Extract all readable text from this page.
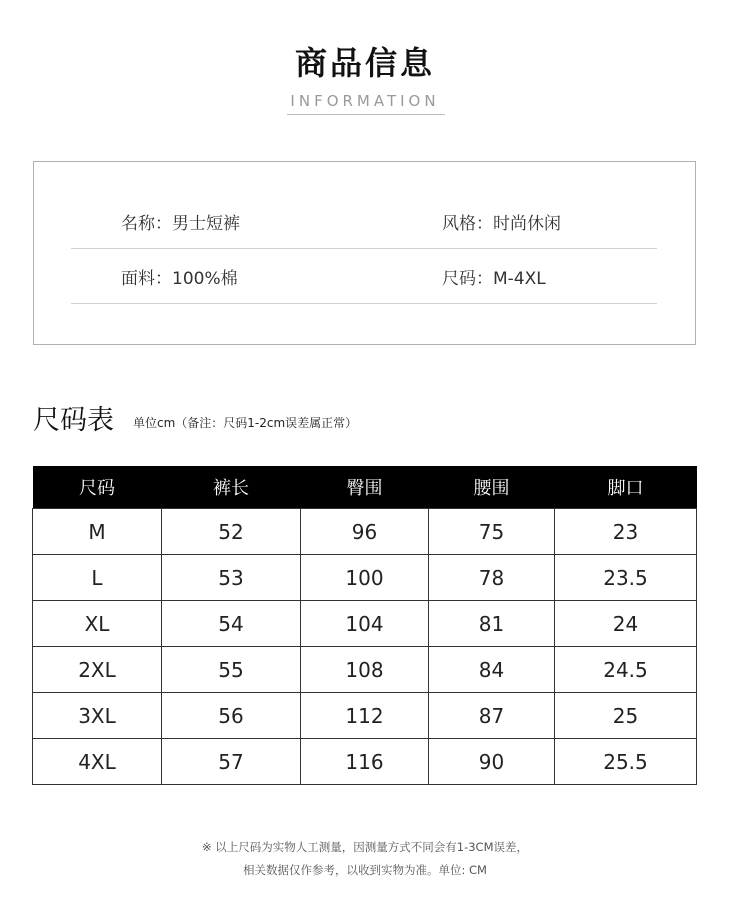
商品信息
INFORMATION
名称：男士短裤	风格：时尚休闲
面料：100%棉	尺码：M-4XL
尺码表 单位cm（备注：尺码1-2cm误差属正常）
尺码	裤长	臀围	腰围	脚口
M	52	96	75	23
L	53	100	78	23.5
XL	54	104	81	24
2XL	55	108	84	24.5
3XL	56	112	87	25
4XL	57	116	90	25.5
※ 以上尺码为实物人工测量，因测量方式不同会有1-3CM误差，
相关数据仅作参考，以收到实物为准。单位: CM
